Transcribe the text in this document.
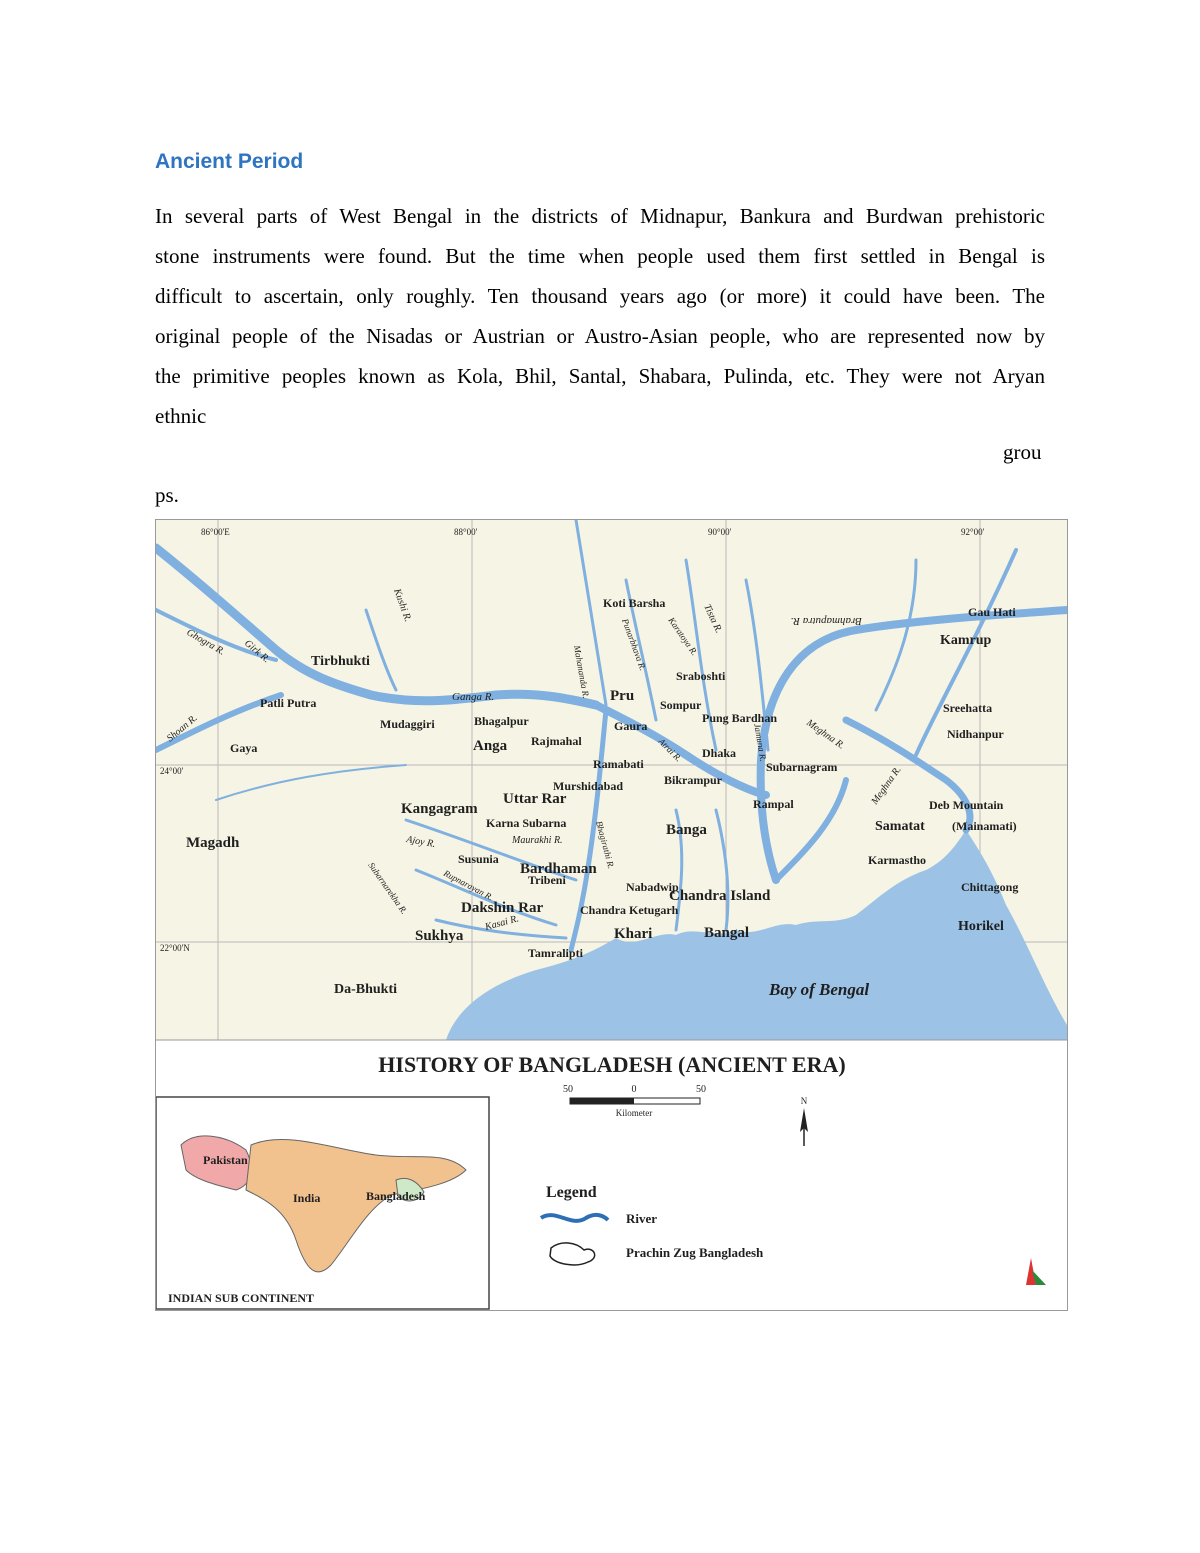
Ancient Period
In several parts of West Bengal in the districts of Midnapur, Bankura and Burdwan prehistoric
stone instruments were found. But the time when people used them first settled in Bengal is
difficult to ascertain, only roughly. Ten thousand years ago (or more) it could have been. The
original people of the Nisadas or Austrian or Austro-Asian people, who are represented now by
the primitive peoples known as Kola, Bhil, Santal, Shabara, Pulinda, etc. They were not Aryan
ethnic
grou
ps.
HISTORY OF BANGLADESH (ANCIENT ERA)
50	0	50
Kilometer
N
Legend
River
Prachin Zug Bangladesh
Pakistan
India	Bangladesh
INDIAN SUB CONTINENT
86°00'E	88°00'	90°00'	92°00'
24°00'
22°00'N
Girk R.
Ghogra R.
Shoan R.
Kushi R.
Ganga R.	Mahananda R.	Punarbhava R. Karatoya R. Tista R.	Brahmaputra R.
Atrai R.	Jamuna R.	Meghna R.
Meghna R.
Bhagirathi R.
Ajoy R.	Maurakhi R.
Rupnarayan R.
Subarnarekha R.
Kasai R.
Tirbhukti
Patli Putra
Gaya
Mudaggiri	Bhagalpur
Anga Rajmahal
Koti Barsha
Pru
Sraboshti
Sompur
Pung Bardhan
Gaura
Ramabati
Dhaka
Subarnagram
Murshidabad	Bikrampur
Uttar Rar
Kangagram
Karna Subarna
Rampal
Banga
Magadh
Susunia
Bardhaman
Tribeni	Nabadwip
Chandra Island
Dakshin Rar	Chandra Ketugarh
Sukhya	Khari	Bangal
Tamralipti
Da-Bhukti	Bay of Bengal
Gau Hati
Kamrup
Sreehatta
Nidhanpur
Deb Mountain
Samatat (Mainamati)
Karmastho
Chittagong
Horikel
